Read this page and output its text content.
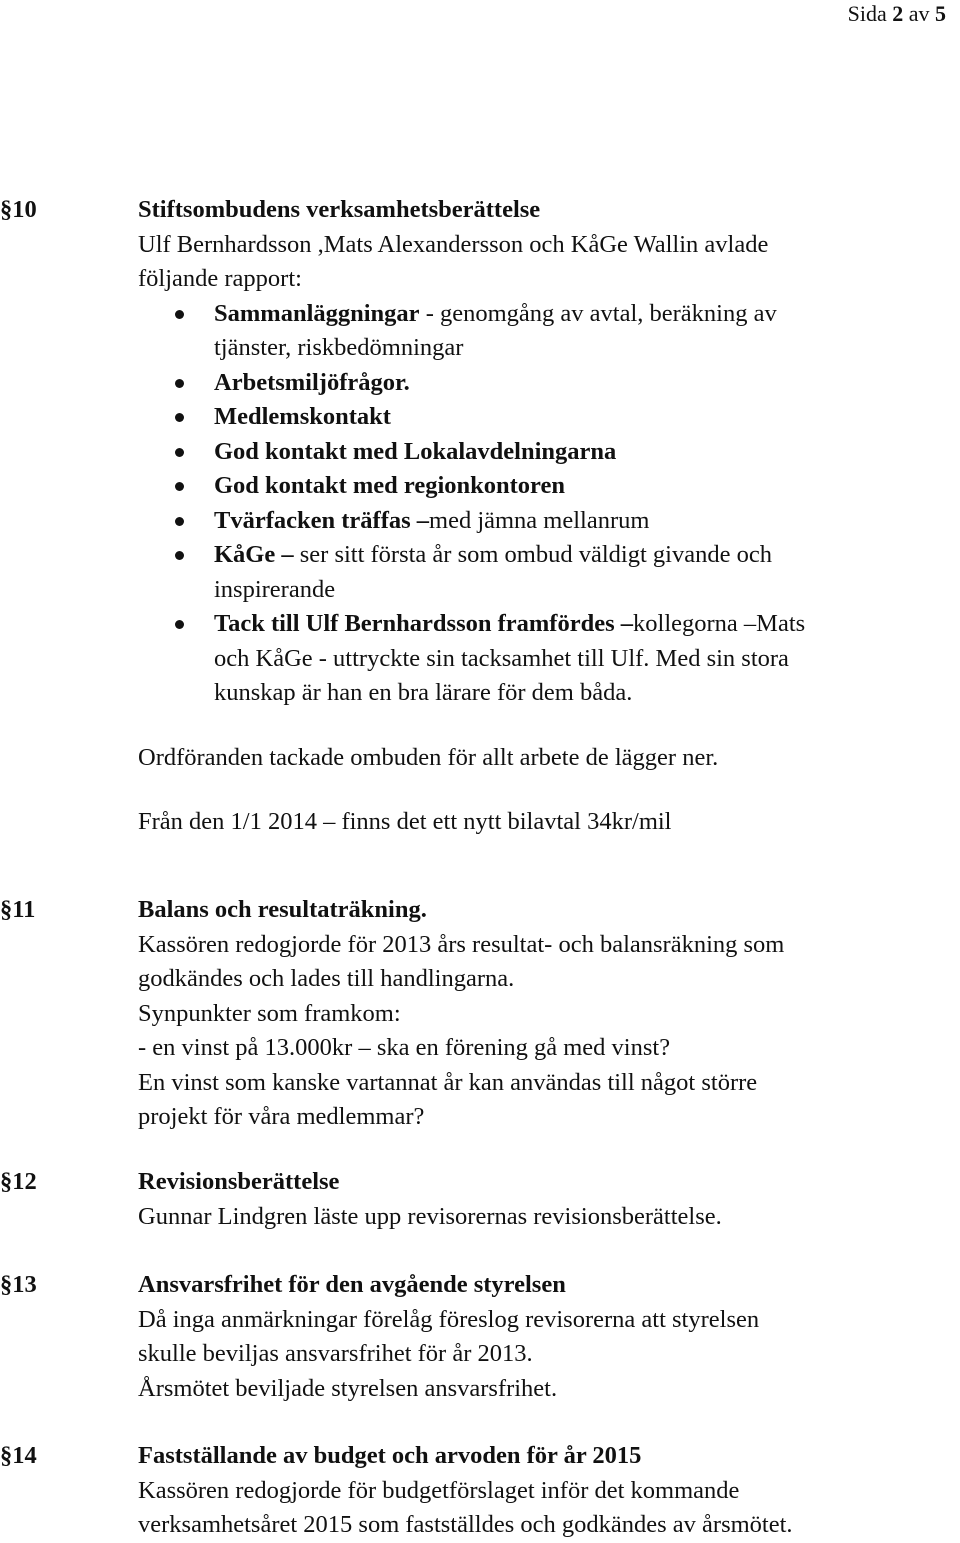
Sida 2 av 5
§10	Stiftsombudens verksamhetsberättelse
Ulf Bernhardsson ,Mats Alexandersson och KåGe Wallin avlade
följande rapport:
Sammanläggningar - genomgång av avtal, beräkning av
tjänster, riskbedömningar
Arbetsmiljöfrågor.
Medlemskontakt
God kontakt med Lokalavdelningarna
God kontakt med regionkontoren
Tvärfacken träffas –med jämna mellanrum
KåGe – ser sitt första år som ombud väldigt givande och
inspirerande
Tack till Ulf Bernhardsson framfördes –kollegorna –Mats
och KåGe - uttryckte sin tacksamhet till Ulf. Med sin stora
kunskap är han en bra lärare för dem båda.
Ordföranden tackade ombuden för allt arbete de lägger ner.
Från den 1/1 2014 – finns det ett nytt bilavtal 34kr/mil
§11	Balans och resultaträkning.
Kassören redogjorde för 2013 års resultat- och balansräkning som
godkändes och lades till handlingarna.
Synpunkter som framkom:
- en vinst på 13.000kr – ska en förening gå med vinst?
En vinst som kanske vartannat år kan användas till något större
projekt för våra medlemmar?
§12	Revisionsberättelse
Gunnar Lindgren läste upp revisorernas revisionsberättelse.
§13	Ansvarsfrihet för den avgående styrelsen
Då inga anmärkningar förelåg föreslog revisorerna att styrelsen
skulle beviljas ansvarsfrihet för år 2013.
Årsmötet beviljade styrelsen ansvarsfrihet.
§14	Fastställande av budget och arvoden för år 2015
Kassören redogjorde för budgetförslaget inför det kommande
verksamhetsåret 2015 som fastställdes och godkändes av årsmötet.
